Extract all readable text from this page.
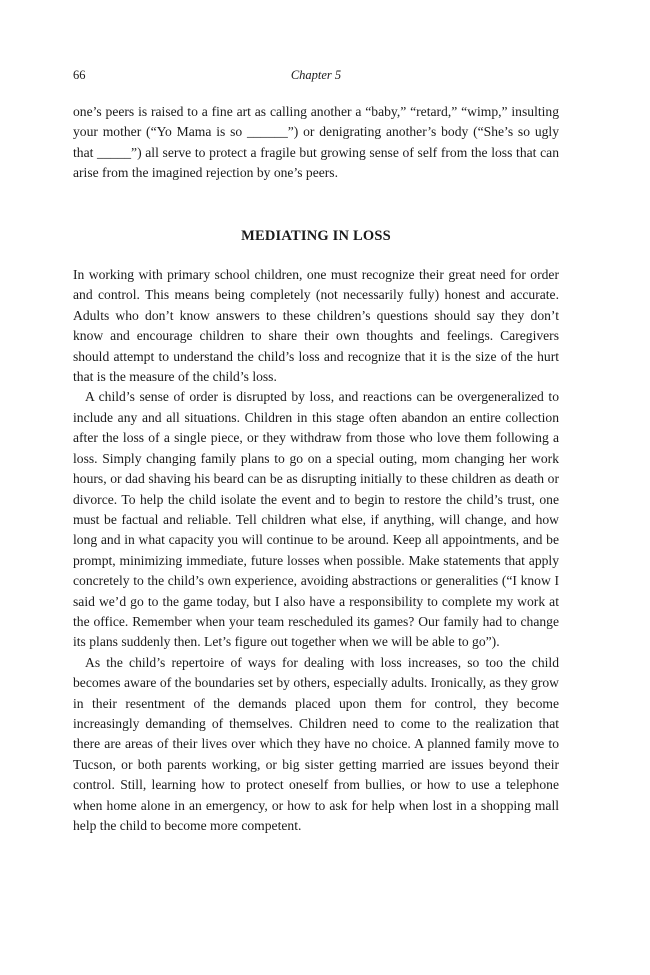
66	Chapter 5

one’s peers is raised to a fine art as calling another a “baby,” “retard,” “wimp,” insulting your mother (“Yo Mama is so ______”) or denigrating another’s body (“She’s so ugly that _____”) all serve to protect a fragile but growing sense of self from the loss that can arise from the imagined rejection by one’s peers.

MEDIATING IN LOSS

In working with primary school children, one must recognize their great need for order and control. This means being completely (not necessarily fully) honest and accurate. Adults who don’t know answers to these children’s questions should say they don’t know and encourage children to share their own thoughts and feelings. Caregivers should attempt to understand the child’s loss and recognize that it is the size of the hurt that is the measure of the child’s loss.

A child’s sense of order is disrupted by loss, and reactions can be overgeneralized to include any and all situations. Children in this stage often abandon an entire collection after the loss of a single piece, or they withdraw from those who love them following a loss. Simply changing family plans to go on a special outing, mom changing her work hours, or dad shaving his beard can be as disrupting initially to these children as death or divorce. To help the child isolate the event and to begin to restore the child’s trust, one must be factual and reliable. Tell children what else, if anything, will change, and how long and in what capacity you will continue to be around. Keep all appointments, and be prompt, minimizing immediate, future losses when possible. Make statements that apply concretely to the child’s own experience, avoiding abstractions or generalities (“I know I said we’d go to the game today, but I also have a responsibility to complete my work at the office. Remember when your team rescheduled its games? Our family had to change its plans suddenly then. Let’s figure out together when we will be able to go”).

As the child’s repertoire of ways for dealing with loss increases, so too the child becomes aware of the boundaries set by others, especially adults. Ironically, as they grow in their resentment of the demands placed upon them for control, they become increasingly demanding of themselves. Children need to come to the realization that there are areas of their lives over which they have no choice. A planned family move to Tucson, or both parents working, or big sister getting married are issues beyond their control. Still, learning how to protect oneself from bullies, or how to use a telephone when home alone in an emergency, or how to ask for help when lost in a shopping mall help the child to become more competent.
